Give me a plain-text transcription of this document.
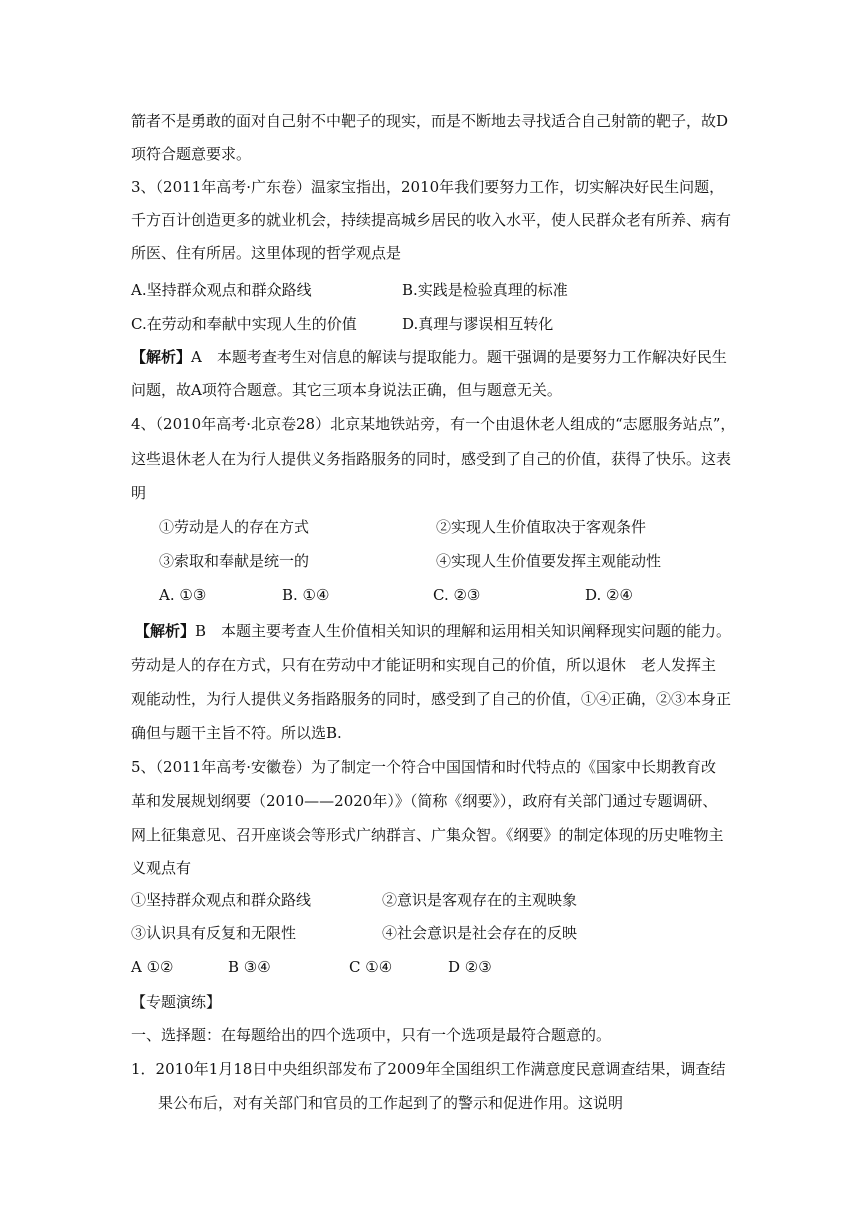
箭者不是勇敢的面对自己射不中靶子的现实，而是不断地去寻找适合自己射箭的靶子，故D
项符合题意要求。
3、（2011年高考·广东卷）温家宝指出，2010年我们要努力工作，切实解决好民生问题，
千方百计创造更多的就业机会，持续提高城乡居民的收入水平，使人民群众老有所养、病有
所医、住有所居。这里体现的哲学观点是
A.坚持群众观点和群众路线	B.实践是检验真理的标准
C.在劳动和奉献中实现人生的价值	D.真理与谬误相互转化
【解析】A　本题考查考生对信息的解读与提取能力。题干强调的是要努力工作解决好民生
问题，故A项符合题意。其它三项本身说法正确，但与题意无关。
4、（2010年高考·北京卷28）北京某地铁站旁，有一个由退休老人组成的“志愿服务站点”，
这些退休老人在为行人提供义务指路服务的同时，感受到了自己的价值，获得了快乐。这表
明
①劳动是人的存在方式	②实现人生价值取决于客观条件
③索取和奉献是统一的	④实现人生价值要发挥主观能动性
A. ①③	B. ①④	C. ②③	D. ②④
【解析】B　本题主要考查人生价值相关知识的理解和运用相关知识阐释现实问题的能力。
劳动是人的存在方式，只有在劳动中才能证明和实现自己的价值，所以退休　老人发挥主
观能动性，为行人提供义务指路服务的同时，感受到了自己的价值，①④正确，②③本身正
确但与题干主旨不符。所以选B.
5、（2011年高考·安徽卷）为了制定一个符合中国国情和时代特点的《国家中长期教育改
革和发展规划纲要（2010——2020年）》（简称《纲要》），政府有关部门通过专题调研、
网上征集意见、召开座谈会等形式广纳群言、广集众智。《纲要》的制定体现的历史唯物主
义观点有
①坚持群众观点和群众路线	②意识是客观存在的主观映象
③认识具有反复和无限性	④社会意识是社会存在的反映
A ①②	B ③④	C ①④	D ②③
【专题演练】
一、选择题：在每题给出的四个选项中，只有一个选项是最符合题意的。
1．2010年1月18日中央组织部发布了2009年全国组织工作满意度民意调查结果，调查结
果公布后，对有关部门和官员的工作起到了的警示和促进作用。这说明
